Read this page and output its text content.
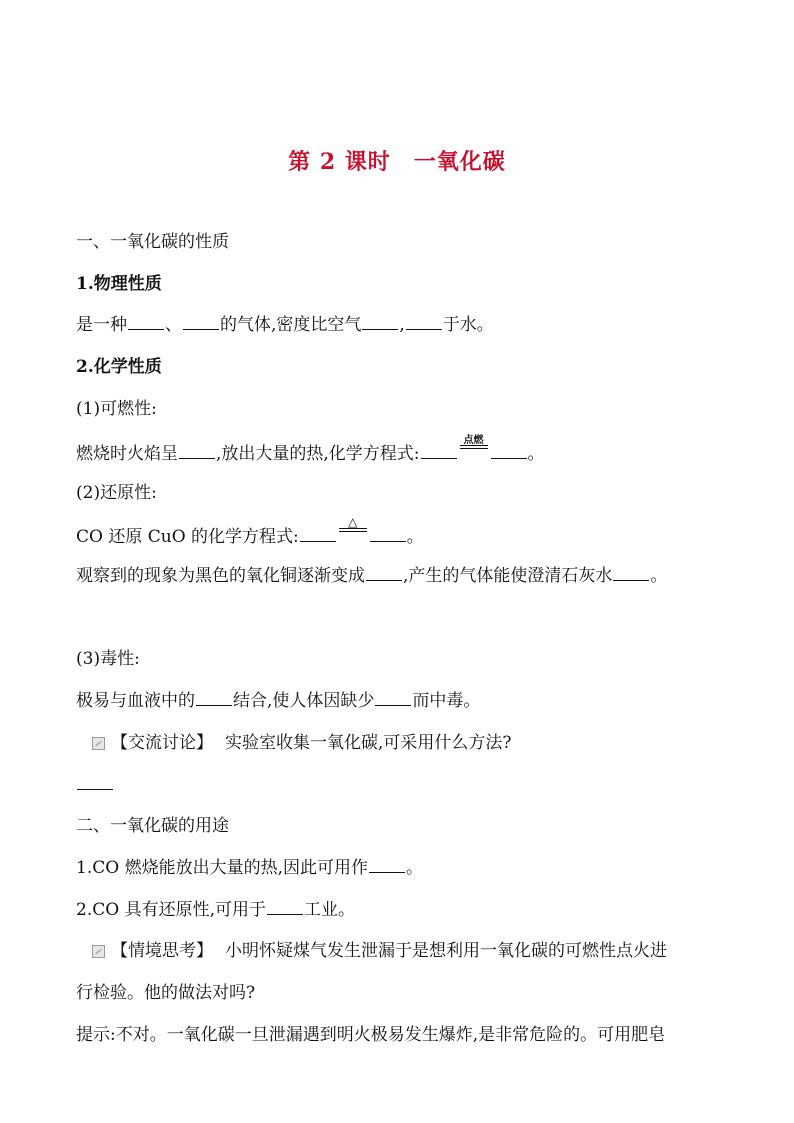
第 2 课时　一氧化碳
一、一氧化碳的性质
1.物理性质
是一种 、 的气体,密度比空气 , 于水。
2.化学性质
(1)可燃性:
燃烧时火焰呈 ,放出大量的热,化学方程式:
点燃
。
(2)还原性:
CO 还原 CuO 的化学方程式:
△
。
观察到的现象为黑色的氧化铜逐渐变成 ,产生的气体能使澄清石灰水 。
(3)毒性:
极易与血液中的 结合,使人体因缺少 而中毒。
【交流讨论】 实验室收集一氧化碳,可采用什么方法?
二、一氧化碳的用途
1.CO 燃烧能放出大量的热,因此可用作 。
2.CO 具有还原性,可用于 工业。
【情境思考】 小明怀疑煤气发生泄漏于是想利用一氧化碳的可燃性点火进
行检验。他的做法对吗?
提示:不对。一氧化碳一旦泄漏遇到明火极易发生爆炸,是非常危险的。可用肥皂
